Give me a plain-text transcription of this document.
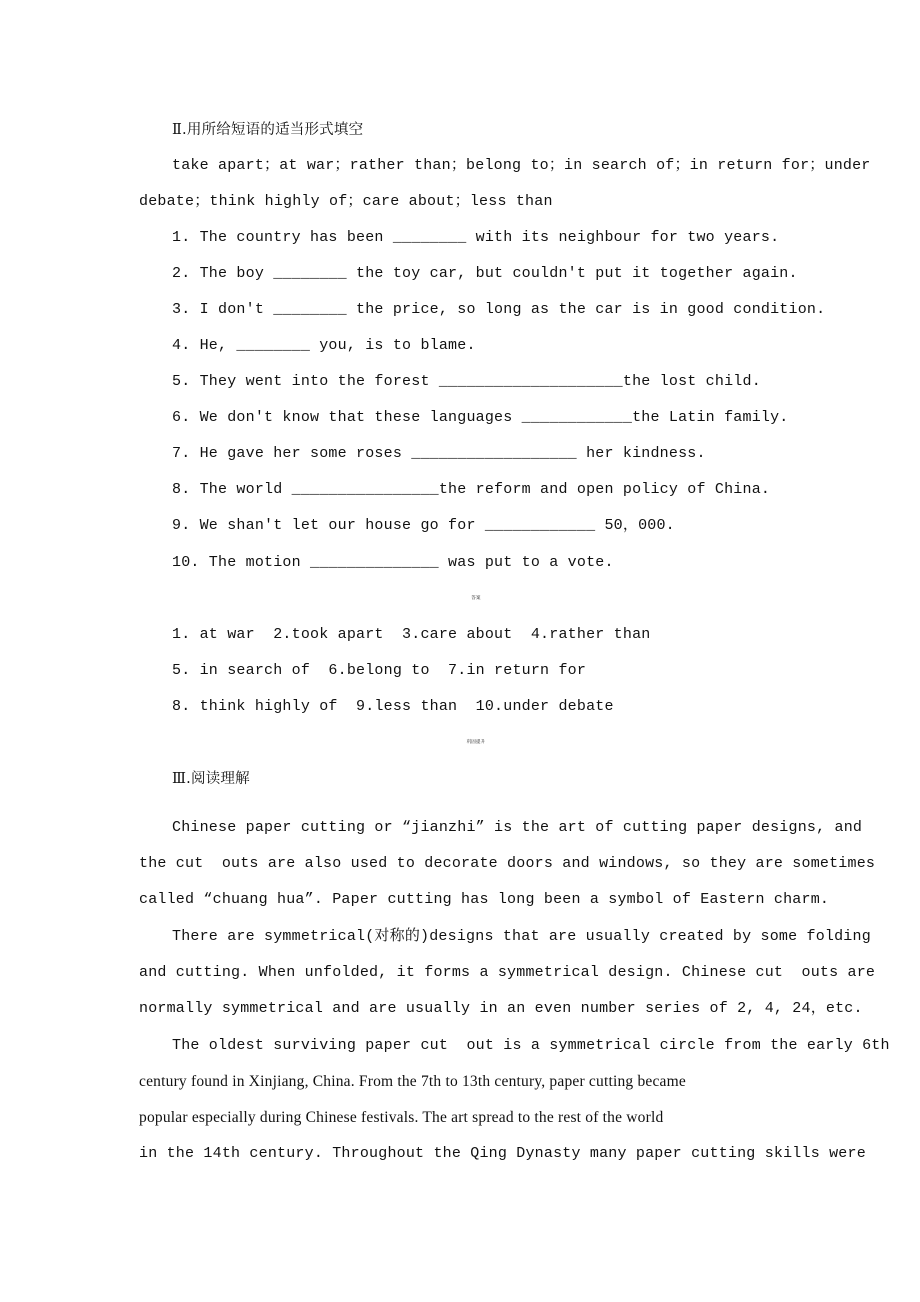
Ⅱ.用所给短语的适当形式填空
take apart；at war；rather than；belong to；in search of；in return for；under
debate；think highly of；care about；less than
1. The country has been ________ with its neighbour for two years.
2. The boy ________ the toy car, but couldn't put it together again.
3. I don't ________ the price, so long as the car is in good condition.
4. He, ________ you, is to blame.
5. They went into the forest ____________________the lost child.
6. We don't know that these languages ____________the Latin family.
7. He gave her some roses __________________ her kindness.
8. The world ________________the reform and open policy of China.
9. We shan't let our house go for ____________ 50，000.
10. The motion ______________ was put to a vote.
答案
1. at war  2.took apart  3.care about  4.rather than
5. in search of  6.belong to  7.in return for
8. think highly of  9.less than  10.under debate
巩固提升
Ⅲ.阅读理解
Chinese paper cutting or “jianzhi” is the art of cutting paper designs, and
the cut  outs are also used to decorate doors and windows, so they are sometimes
called “chuang hua”. Paper cutting has long been a symbol of Eastern charm.
There are symmetrical(对称的)designs that are usually created by some folding
and cutting. When unfolded, it forms a symmetrical design. Chinese cut  outs are
normally symmetrical and are usually in an even number series of 2, 4, 24，etc.
The oldest surviving paper cut  out is a symmetrical circle from the early 6th
century found in Xinjiang, China. From the 7th to 13th century, paper cutting became
popular especially during Chinese festivals. The art spread to the rest of the world
in the 14th century. Throughout the Qing Dynasty many paper cutting skills were
